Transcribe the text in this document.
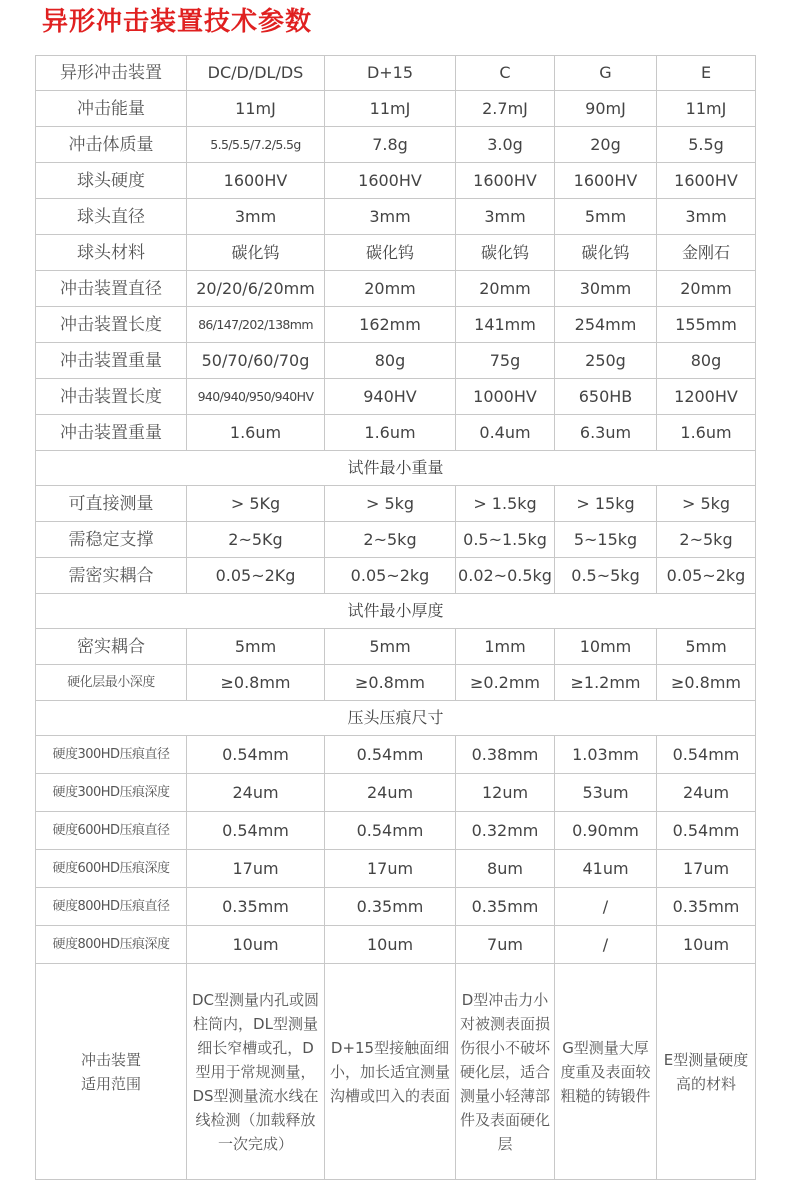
异形冲击装置技术参数
异形冲击装置	DC/D/DL/DS	D+15	C	G	E
冲击能量	11mJ	11mJ	2.7mJ	90mJ	11mJ
冲击体质量	5.5/5.5/7.2/5.5g	7.8g	3.0g	20g	5.5g
球头硬度	1600HV	1600HV	1600HV	1600HV	1600HV
球头直径	3mm	3mm	3mm	5mm	3mm
球头材料	碳化钨	碳化钨	碳化钨	碳化钨	金刚石
冲击装置直径	20/20/6/20mm	20mm	20mm	30mm	20mm
冲击装置长度	86/147/202/138mm	162mm	141mm	254mm	155mm
冲击装置重量	50/70/60/70g	80g	75g	250g	80g
冲击装置长度	940/940/950/940HV	940HV	1000HV	650HB	1200HV
冲击装置重量	1.6um	1.6um	0.4um	6.3um	1.6um
试件最小重量					
可直接测量	> 5Kg	> 5kg	> 1.5kg	> 15kg	> 5kg
需稳定支撑	2~5Kg	2~5kg	0.5~1.5kg	5~15kg	2~5kg
需密实耦合	0.05~2Kg	0.05~2kg	0.02~0.5kg	0.5~5kg	0.05~2kg
试件最小厚度					
密实耦合	5mm	5mm	1mm	10mm	5mm
硬化层最小深度	≥0.8mm	≥0.8mm	≥0.2mm	≥1.2mm	≥0.8mm
压头压痕尺寸					
硬度300HD压痕直径	0.54mm	0.54mm	0.38mm	1.03mm	0.54mm
硬度300HD压痕深度	24um	24um	12um	53um	24um
硬度600HD压痕直径	0.54mm	0.54mm	0.32mm	0.90mm	0.54mm
硬度600HD压痕深度	17um	17um	8um	41um	17um
硬度800HD压痕直径	0.35mm	0.35mm	0.35mm	/	0.35mm
硬度800HD压痕深度	10um	10um	7um	/	10um
冲击装置
适用范围	DC型测量内孔或圆柱筒内，DL型测量细长窄槽或孔，D型用于常规测量，DS型测量流水线在线检测（加载释放一次完成）	D+15型接触面细小，加长适宜测量沟槽或凹入的表面	D型冲击力小对被测表面损伤很小不破坏硬化层，适合测量小轻薄部件及表面硬化层	G型测量大厚度重及表面较粗糙的铸锻件	E型测量硬度高的材料
